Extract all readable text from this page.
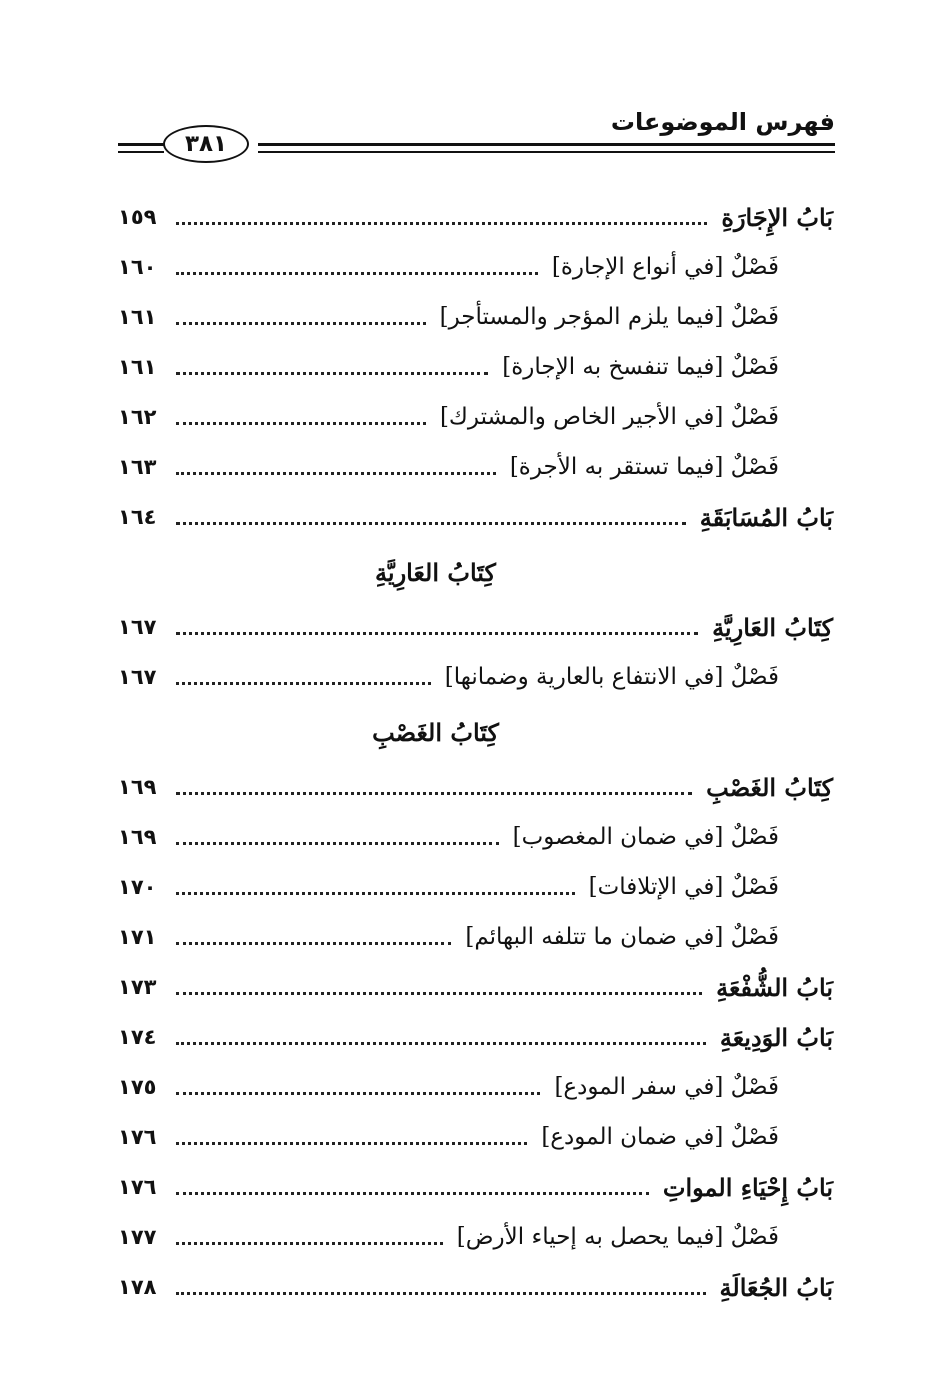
فهرس الموضوعات
٣٨١
بَابُ الإِجَارَةِ
١٥٩
فَصْلٌ [في أنواع الإجارة]
١٦٠
فَصْلٌ [فيما يلزم المؤجر والمستأجر]
١٦١
فَصْلٌ [فيما تنفسخ به الإجارة]
١٦١
فَصْلٌ [في الأجير الخاص والمشترك]
١٦٢
فَصْلٌ [فيما تستقر به الأجرة]
١٦٣
بَابُ المُسَابَقَةِ
١٦٤
كِتَابُ العَارِيَّةِ
كِتَابُ العَارِيَّةِ
١٦٧
فَصْلٌ [في الانتفاع بالعارية وضمانها]
١٦٧
كِتَابُ الغَصْبِ
كِتَابُ الغَصْبِ
١٦٩
فَصْلٌ [في ضمان المغصوب]
١٦٩
فَصْلٌ [في الإتلافات]
١٧٠
فَصْلٌ [في ضمان ما تتلفه البهائم]
١٧١
بَابُ الشُّفْعَةِ
١٧٣
بَابُ الوَدِيعَةِ
١٧٤
فَصْلٌ [في سفر المودع]
١٧٥
فَصْلٌ [في ضمان المودع]
١٧٦
بَابُ إِحْيَاءِ المواتِ
١٧٦
فَصْلٌ [فيما يحصل به إحياء الأرض]
١٧٧
بَابُ الجُعَالَةِ
١٧٨
